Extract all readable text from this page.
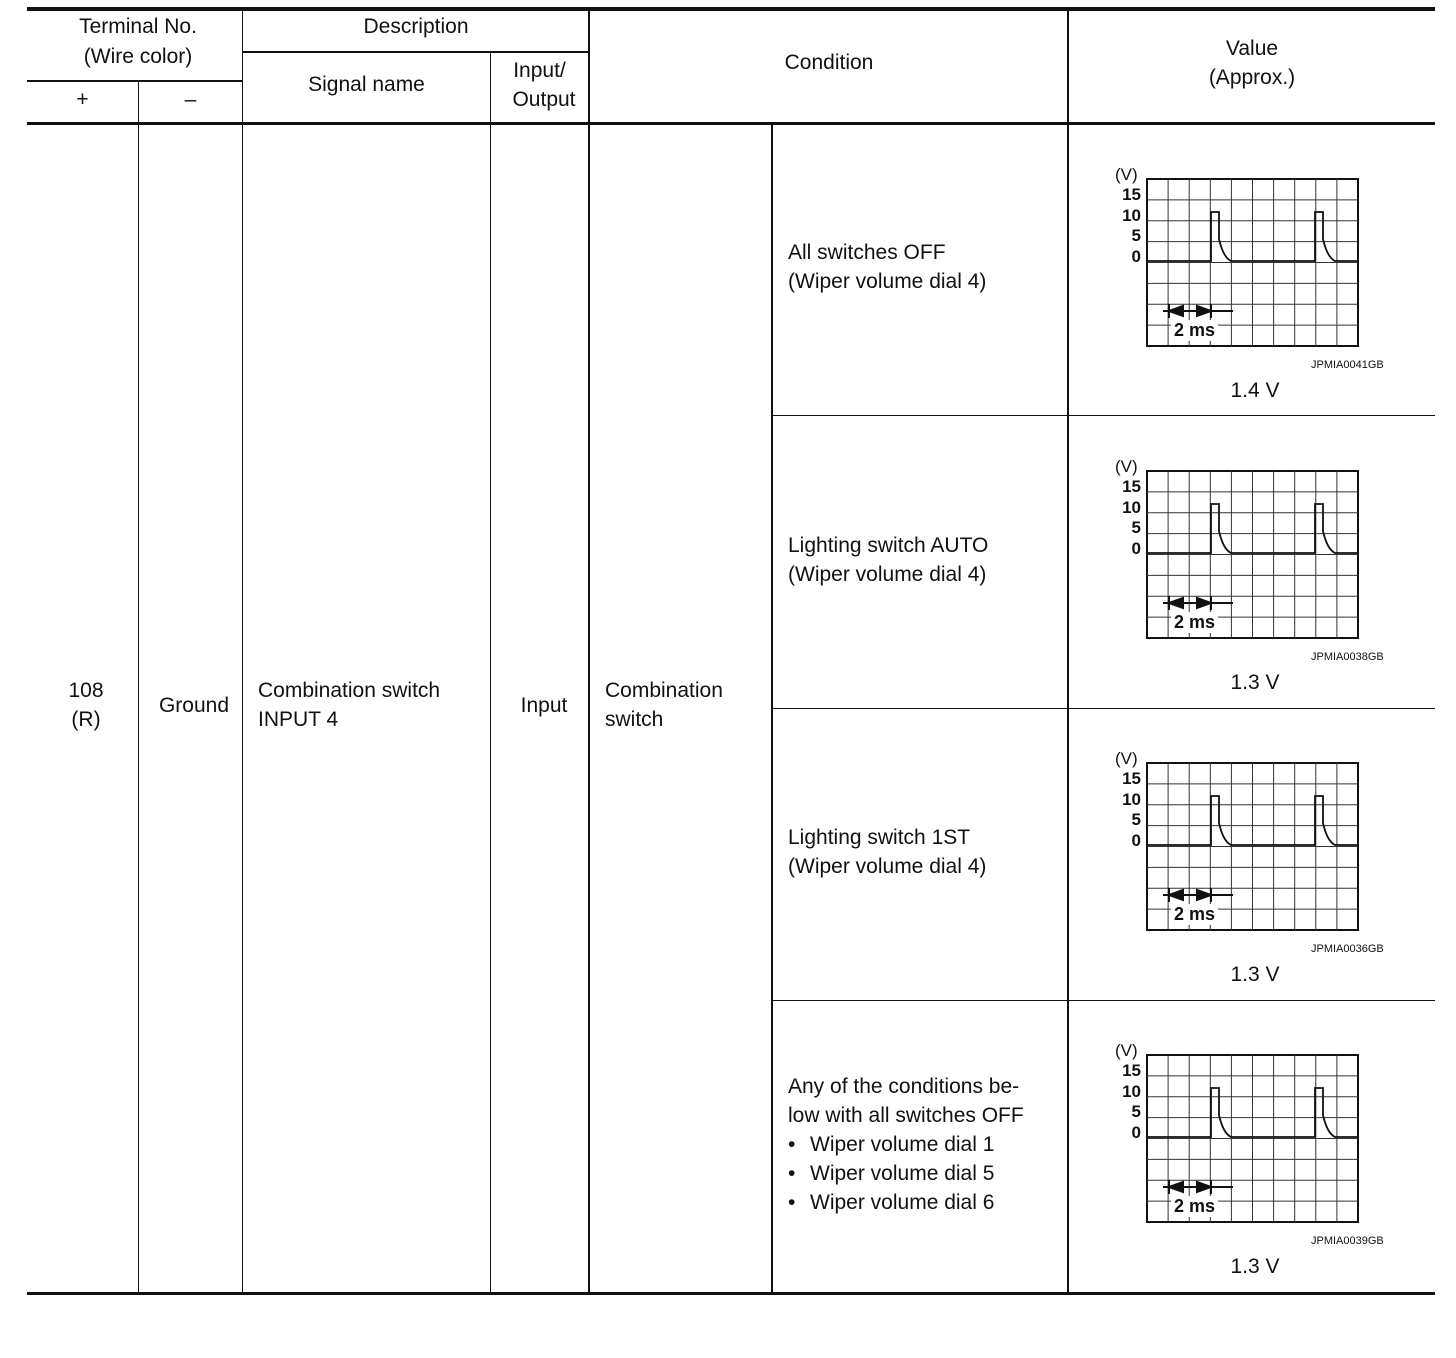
Terminal No.
(Wire color)
+	–
Description
Signal name
Input/
Output
Condition
Value
(Approx.)
108
(R)
Ground
Combination switch
INPUT 4
Input
Combination
switch
All switches OFF
(Wiper volume dial 4)
Lighting switch AUTO
(Wiper volume dial 4)
Lighting switch 1ST
(Wiper volume dial 4)
Any of the conditions be-
low with all switches OFF
• Wiper volume dial 1
• Wiper volume dial 5
• Wiper volume dial 6
(V)
15
10
5
0
2 ms
JPMIA0041GB
1.4 V
(V)
15
10
5
0
2 ms
JPMIA0038GB
1.3 V
(V)
15
10
5
0
2 ms
JPMIA0036GB
1.3 V
(V)
15
10
5
0
2 ms
JPMIA0039GB
1.3 V
